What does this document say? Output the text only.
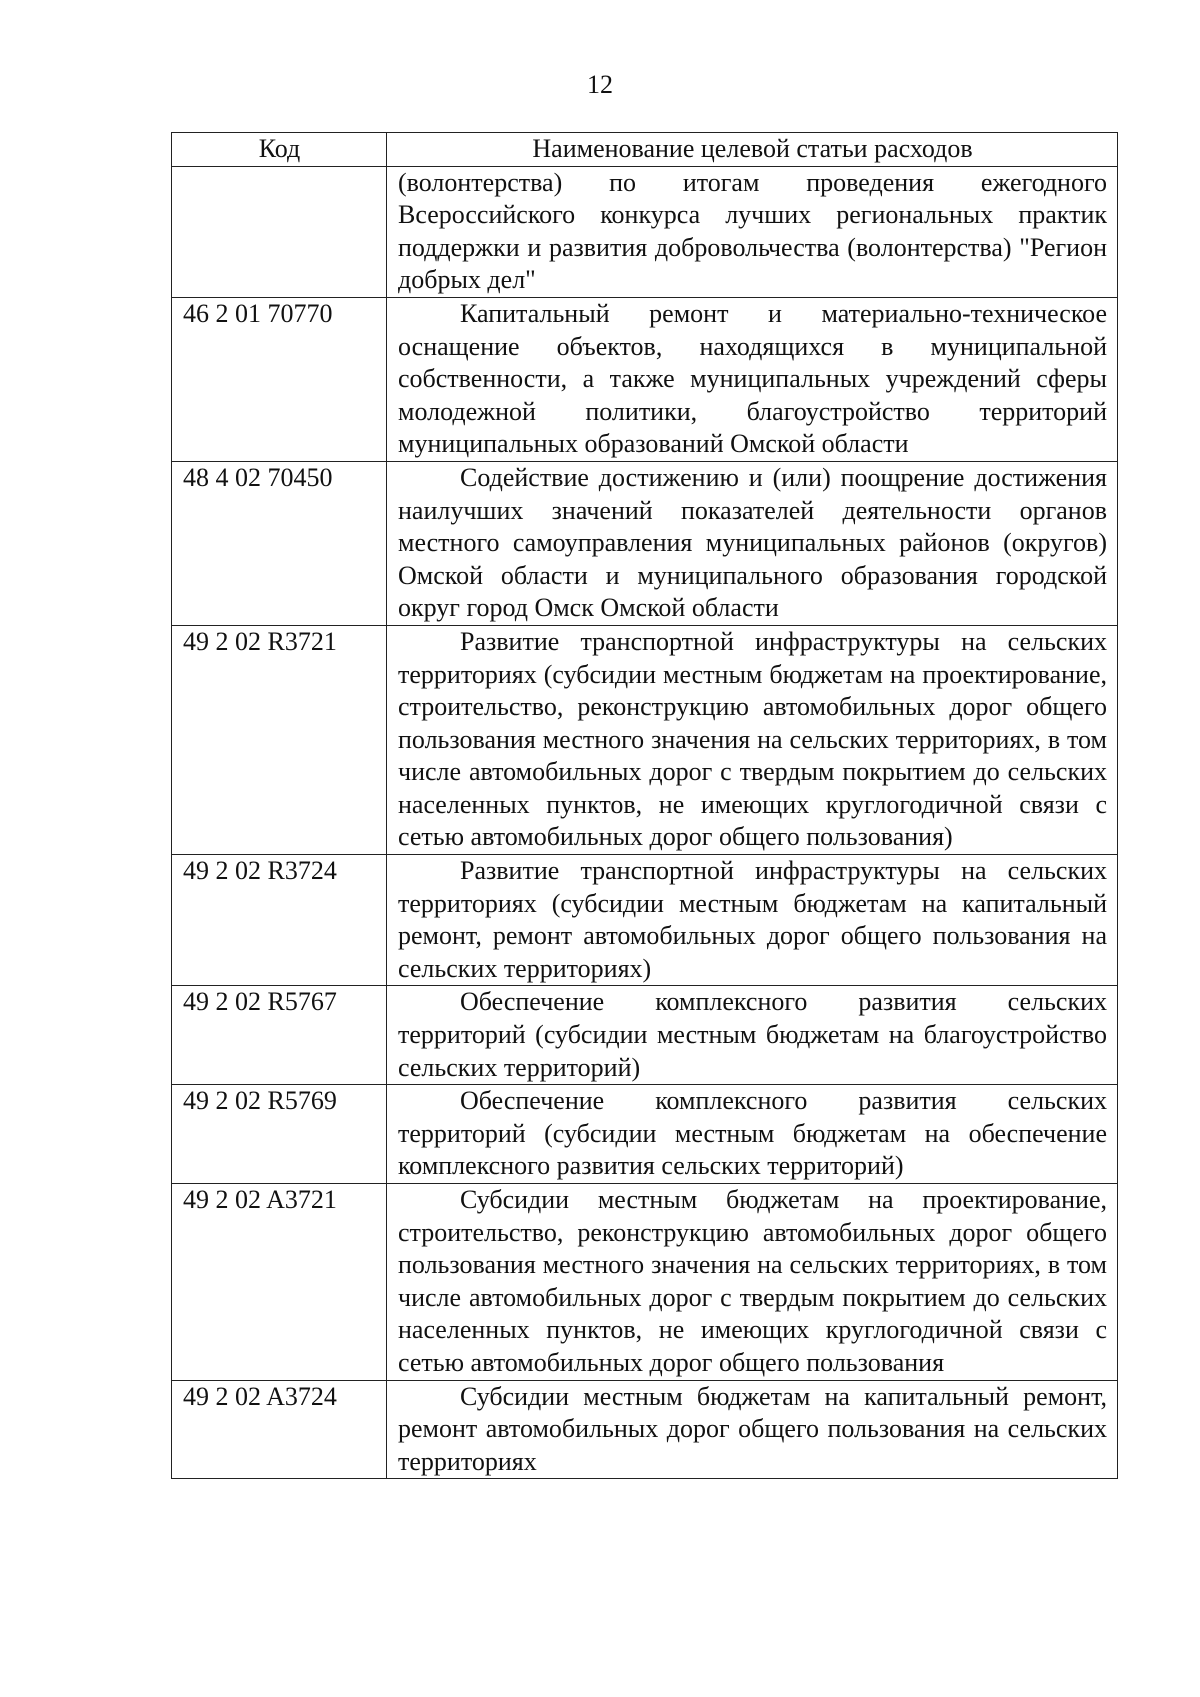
12
Код	Наименование целевой статьи расходов
	(волонтерства) по итогам проведения ежегодного Всероссийского конкурса лучших региональных практик поддержки и развития добровольчества (волонтерства) "Регион добрых дел"
46 2 01 70770	Капитальный ремонт и материально-техническое оснащение объектов, находящихся в муниципальной собственности, а также муниципальных учреждений сферы молодежной политики, благоустройство территорий муниципальных образований Омской области
48 4 02 70450	Содействие достижению и (или) поощрение достижения наилучших значений показателей деятельности органов местного самоуправления муниципальных районов (округов) Омской области и муниципального образования городской округ город Омск Омской области
49 2 02 R3721	Развитие транспортной инфраструктуры на сельских территориях (субсидии местным бюджетам на проектирование, строительство, реконструкцию автомобильных дорог общего пользования местного значения на сельских территориях, в том числе автомобильных дорог с твердым покрытием до сельских населенных пунктов, не имеющих круглогодичной связи с сетью автомобильных дорог общего пользования)
49 2 02 R3724	Развитие транспортной инфраструктуры на сельских территориях (субсидии местным бюджетам на капитальный ремонт, ремонт автомобильных дорог общего пользования на сельских территориях)
49 2 02 R5767	Обеспечение комплексного развития сельских территорий (субсидии местным бюджетам на благоустройство сельских территорий)
49 2 02 R5769	Обеспечение комплексного развития сельских территорий (субсидии местным бюджетам на обеспечение комплексного развития сельских территорий)
49 2 02 A3721	Субсидии местным бюджетам на проектирование, строительство, реконструкцию автомобильных дорог общего пользования местного значения на сельских территориях, в том числе автомобильных дорог с твердым покрытием до сельских населенных пунктов, не имеющих круглогодичной связи с сетью автомобильных дорог общего пользования
49 2 02 A3724	Субсидии местным бюджетам на капитальный ремонт, ремонт автомобильных дорог общего пользования на сельских территориях
